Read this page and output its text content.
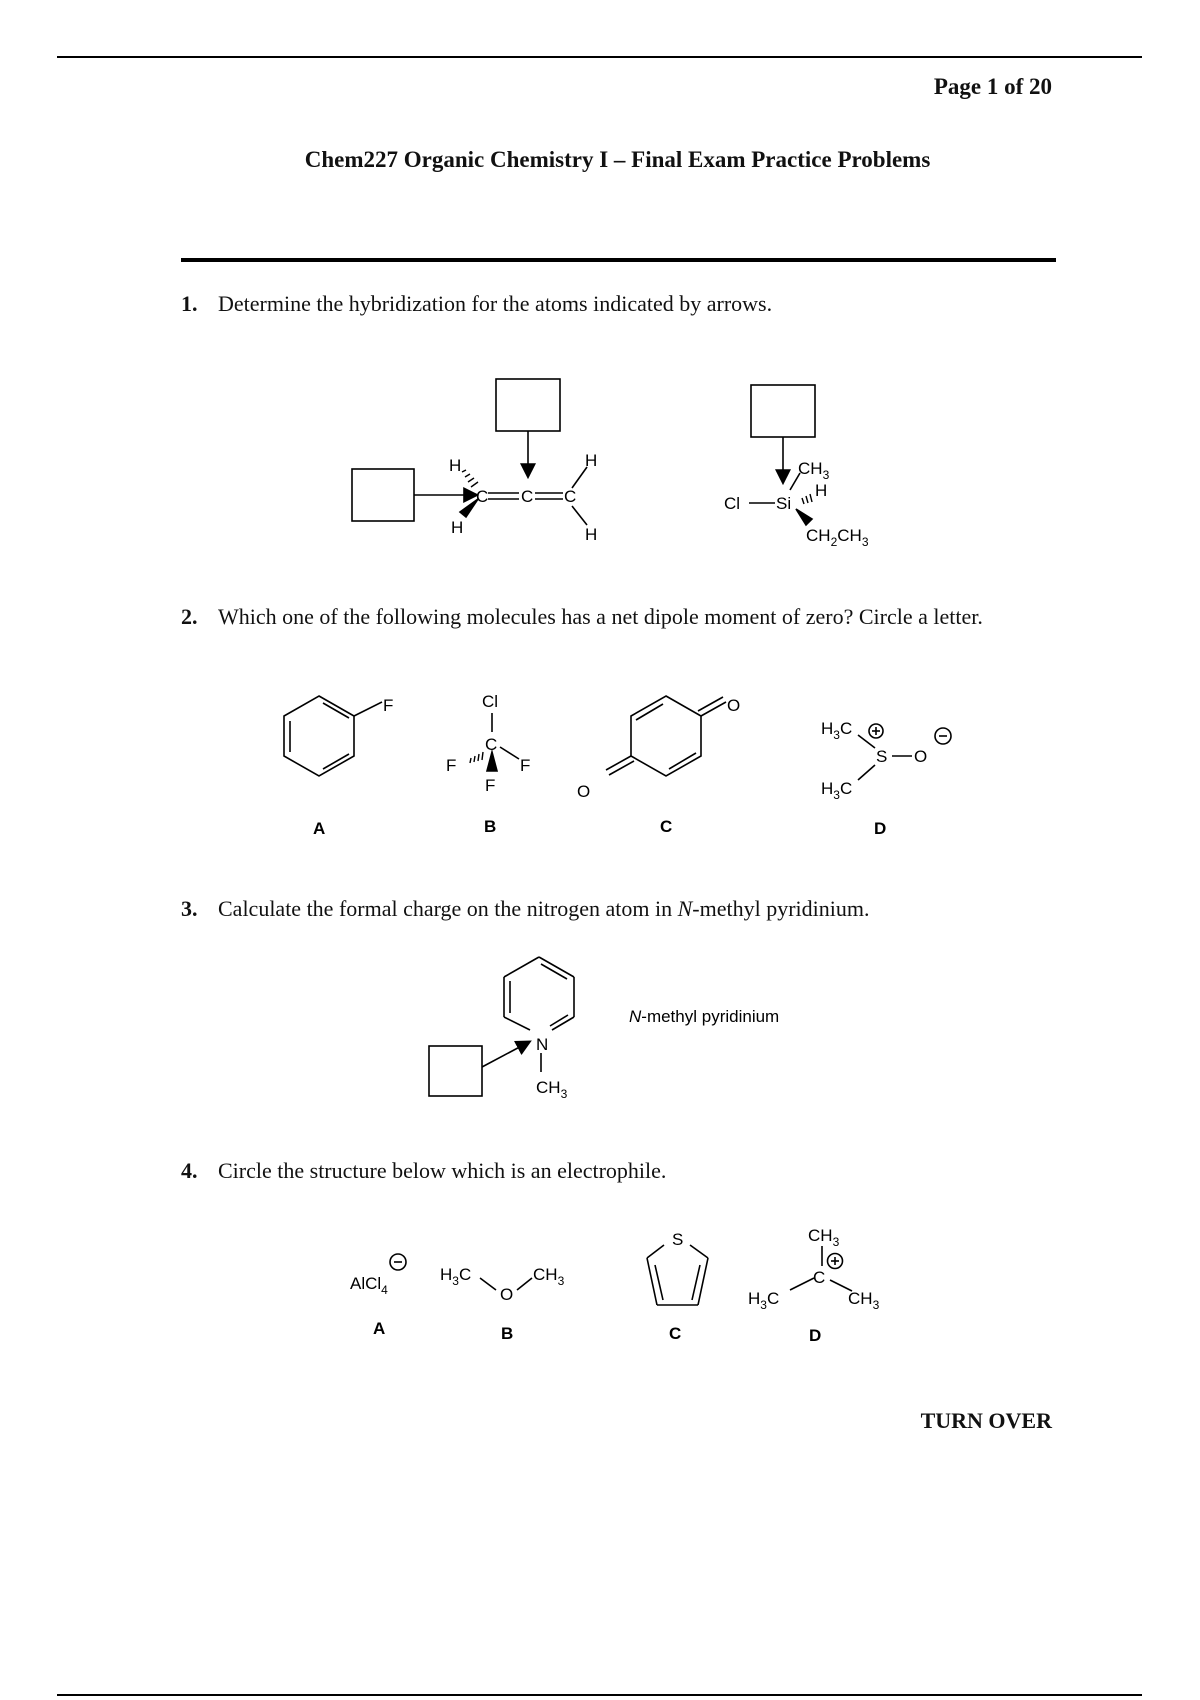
Page 1 of 20
Chem227 Organic Chemistry I – Final Exam Practice Problems
1. Determine the hybridization for the atoms indicated by arrows.
2. Which one of the following molecules has a net dipole moment of zero? Circle a letter.
3. Calculate the formal charge on the nitrogen atom in N-methyl pyridinium.
4. Circle the structure below which is an electrophile.
TURN OVER
H
H
C C C
H
H
Cl Si
$CH_3$
H
$CH_2CH_3$
F	Cl
C
F	F
F
O
O
$H_3C$
$H_3C$
S O
N
$CH_3$
N-methyl pyridinium
AlCl$_4$
$H_3C$
O
$CH_3$
S	$CH_3$
C
$H_3C$	$CH_3$
A	B	C	D
A	B	C	D
